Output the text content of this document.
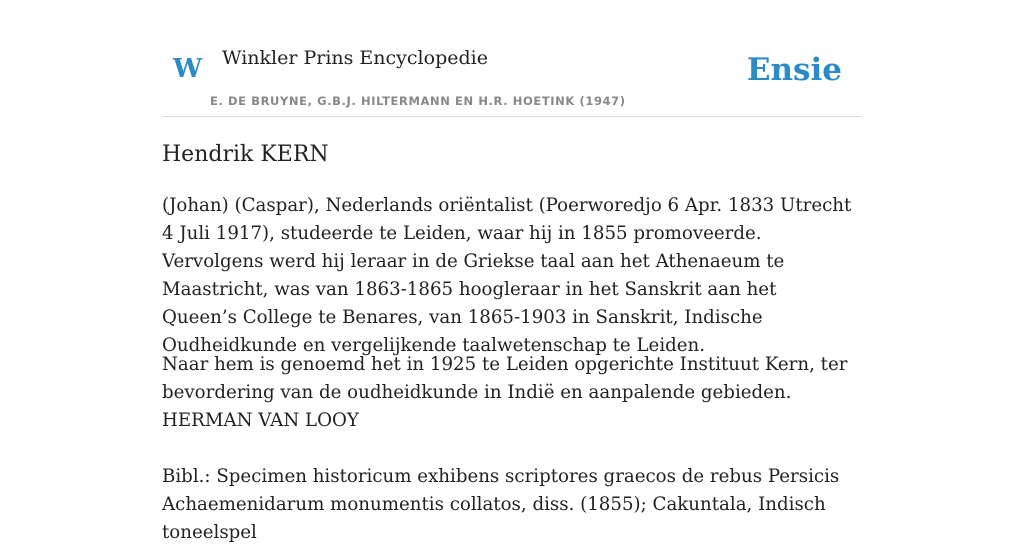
W Winkler Prins Encyclopedie
E. DE BRUYNE, G.B.J. HILTERMANN EN H.R. HOETINK (1947)
Ensie
Hendrik KERN

(Johan) (Caspar), Nederlands oriëntalist (Poerworedjo 6 Apr. 1833 Utrecht 4 Juli 1917), studeerde te Leiden, waar hij in 1855 promoveerde. Vervolgens werd hij leraar in de Griekse taal aan het Athenaeum te Maastricht, was van 1863-1865 hoogleraar in het Sanskrit aan het Queen’s College te Benares, van 1865-1903 in Sanskrit, Indische Oudheidkunde en vergelijkende taalwetenschap te Leiden.

Naar hem is genoemd het in 1925 te Leiden opgerichte Instituut Kern, ter bevordering van de oudheidkunde in Indië en aanpalende gebieden. HERMAN VAN LOOY

Bibl.: Specimen historicum exhibens scriptores graecos de rebus Persicis Achaemenidarum monumentis collatos, diss. (1855); Cakuntala, Indisch toneelspel
